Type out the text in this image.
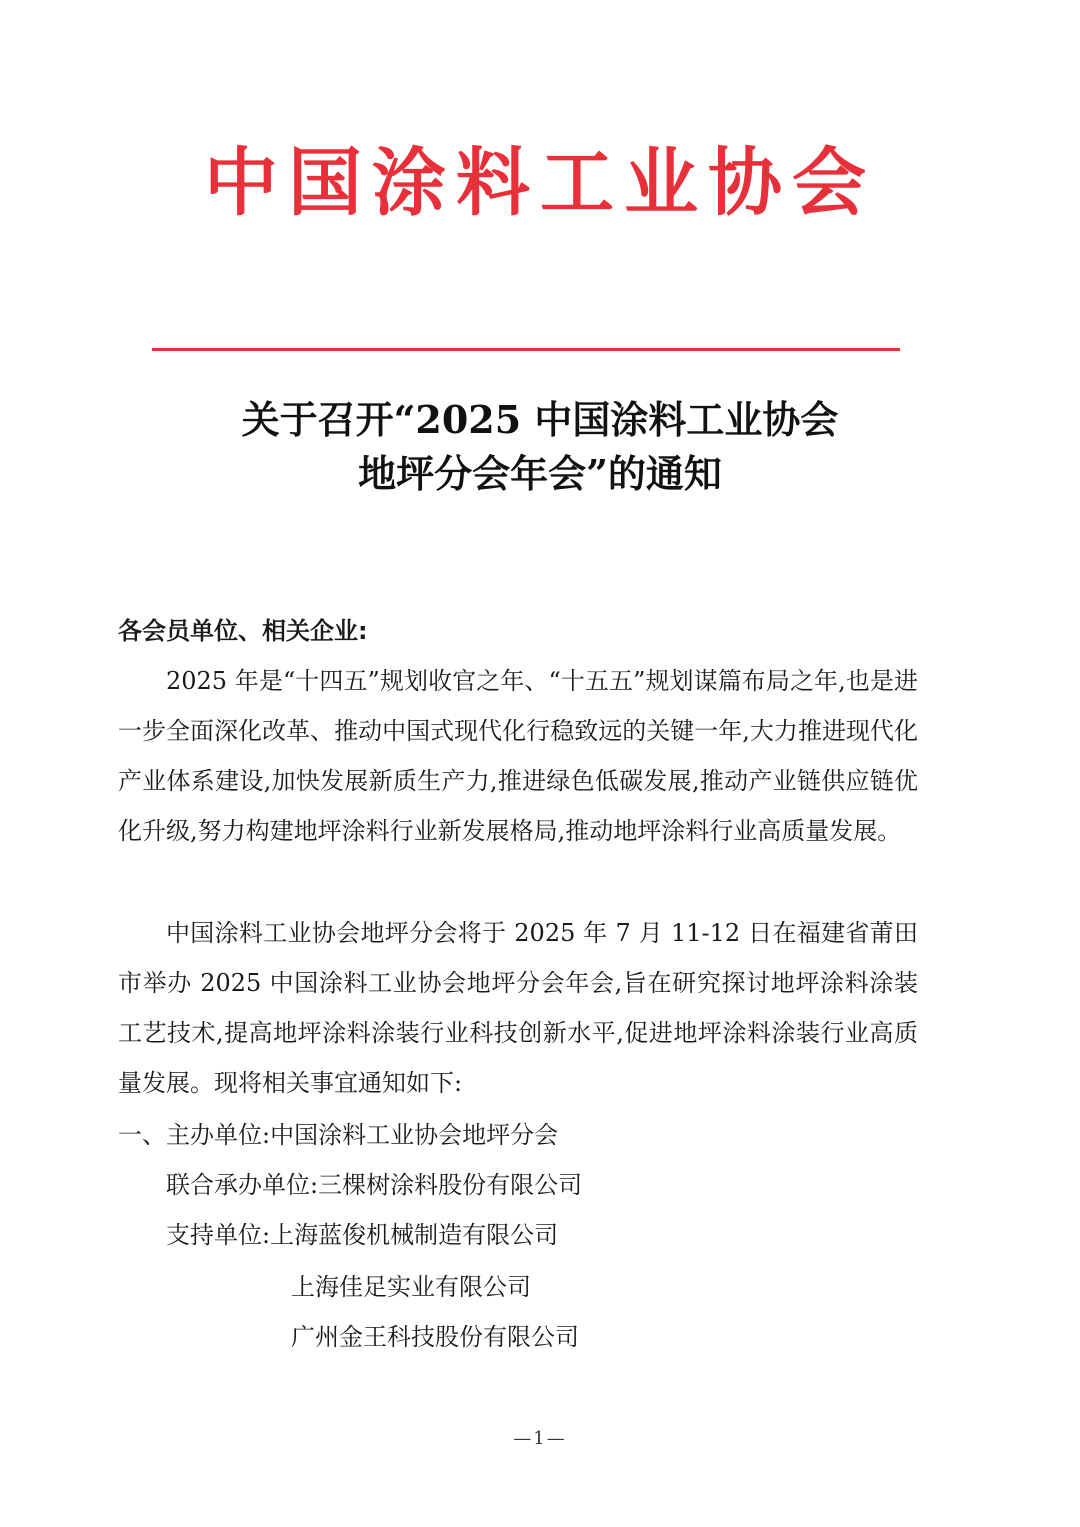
中国涂料工业协会
关于召开“2025 中国涂料工业协会
地坪分会年会”的通知
各会员单位、相关企业:
2025 年是“十四五”规划收官之年、“十五五”规划谋篇布局之年,也是进一步全面深化改革、推动中国式现代化行稳致远的关键一年,大力推进现代化产业体系建设,加快发展新质生产力,推进绿色低碳发展,推动产业链供应链优化升级,努力构建地坪涂料行业新发展格局,推动地坪涂料行业高质量发展。
中国涂料工业协会地坪分会将于 2025 年 7 月 11-12 日在福建省莆田市举办 2025 中国涂料工业协会地坪分会年会,旨在研究探讨地坪涂料涂装工艺技术,提高地坪涂料涂装行业科技创新水平,促进地坪涂料涂装行业高质量发展。现将相关事宜通知如下:
一、主办单位:中国涂料工业协会地坪分会
联合承办单位:三棵树涂料股份有限公司
支持单位:上海蓝俊机械制造有限公司
上海佳足实业有限公司
广州金王科技股份有限公司
—1—
